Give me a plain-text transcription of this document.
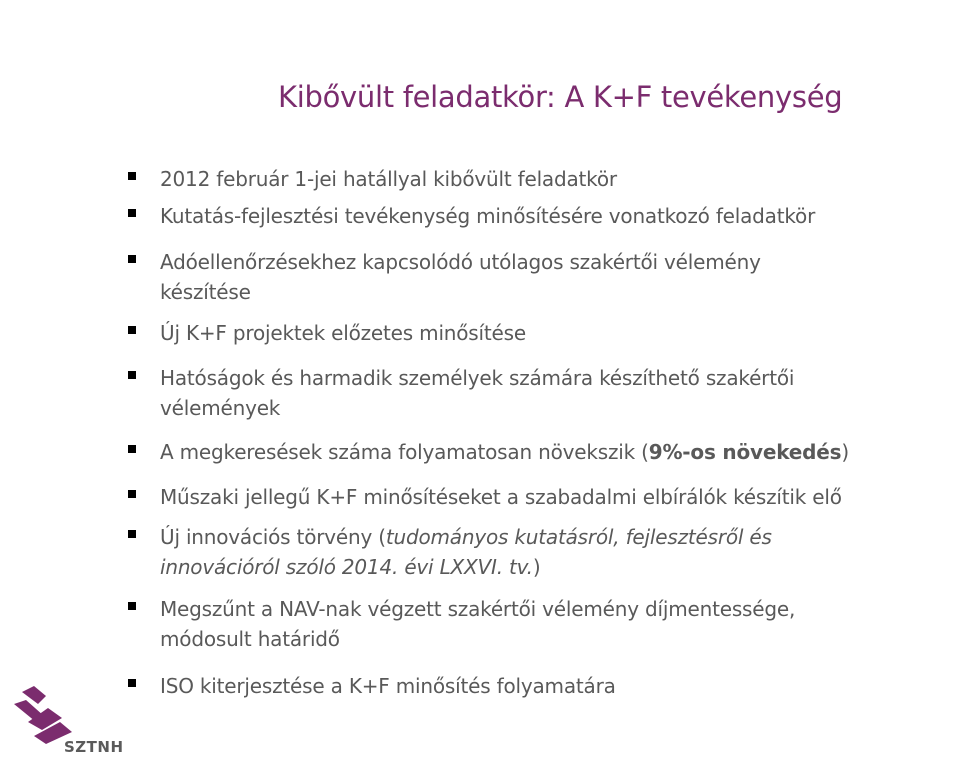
Kibővült feladatkör: A K+F tevékenység
2012 február 1-jei hatállyal kibővült feladatkör
Kutatás-fejlesztési tevékenység minősítésére vonatkozó feladatkör
Adóellenőrzésekhez kapcsolódó utólagos szakértői vélemény
készítése
Új K+F projektek előzetes minősítése
Hatóságok és harmadik személyek számára készíthető szakértői
vélemények
A megkeresések száma folyamatosan növekszik (9%-os növekedés)
Műszaki jellegű K+F minősítéseket a szabadalmi elbírálók készítik elő
Új innovációs törvény (tudományos kutatásról, fejlesztésről és
innovációról szóló 2014. évi LXXVI. tv.)
Megszűnt a NAV-nak végzett szakértői vélemény díjmentessége,
módosult határidő
ISO kiterjesztése a K+F minősítés folyamatára
SZTNH
